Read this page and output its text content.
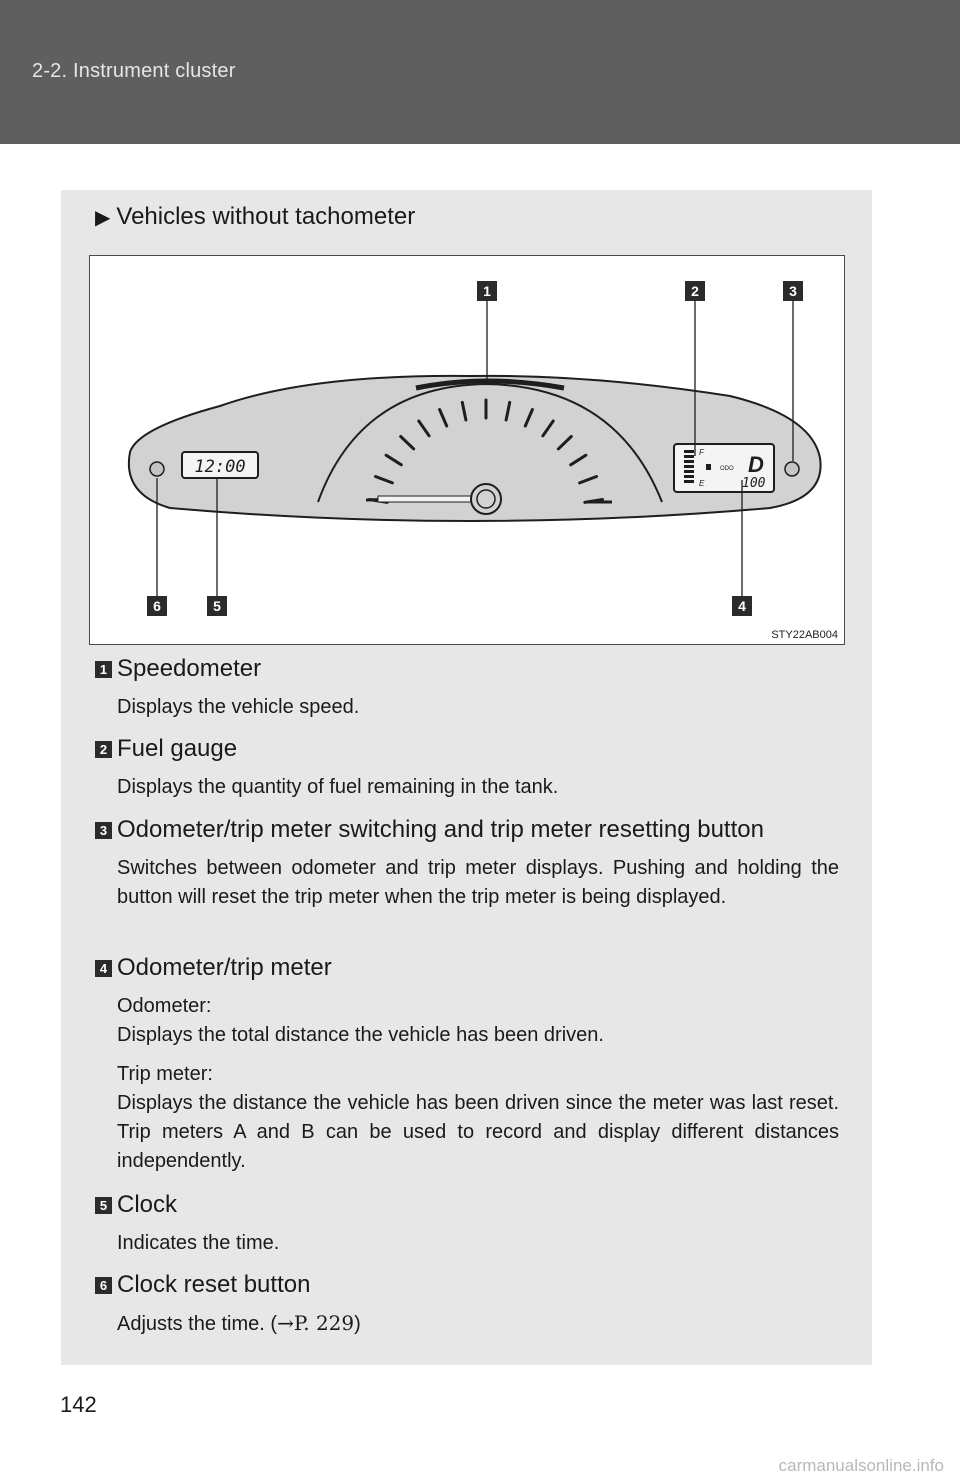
2-2. Instrument cluster
▶ Vehicles without tachometer
12:00
F
E
ODO D
100
1	2	3
4
5
6
STY22AB004
1 Speedometer

Displays the vehicle speed.

2 Fuel gauge

Displays the quantity of fuel remaining in the tank.

3 Odometer/trip meter switching and trip meter resetting button

Switches between odometer and trip meter displays. Pushing and holding the button will reset the trip meter when the trip meter is being displayed.

4 Odometer/trip meter

Odometer:

Displays the total distance the vehicle has been driven.

Trip meter:

Displays the distance the vehicle has been driven since the meter was last reset. Trip meters A and B can be used to record and display different distances independently.

5 Clock

Indicates the time.

6 Clock reset button

Adjusts the time. (→P. 229)

142
carmanualsonline.info
